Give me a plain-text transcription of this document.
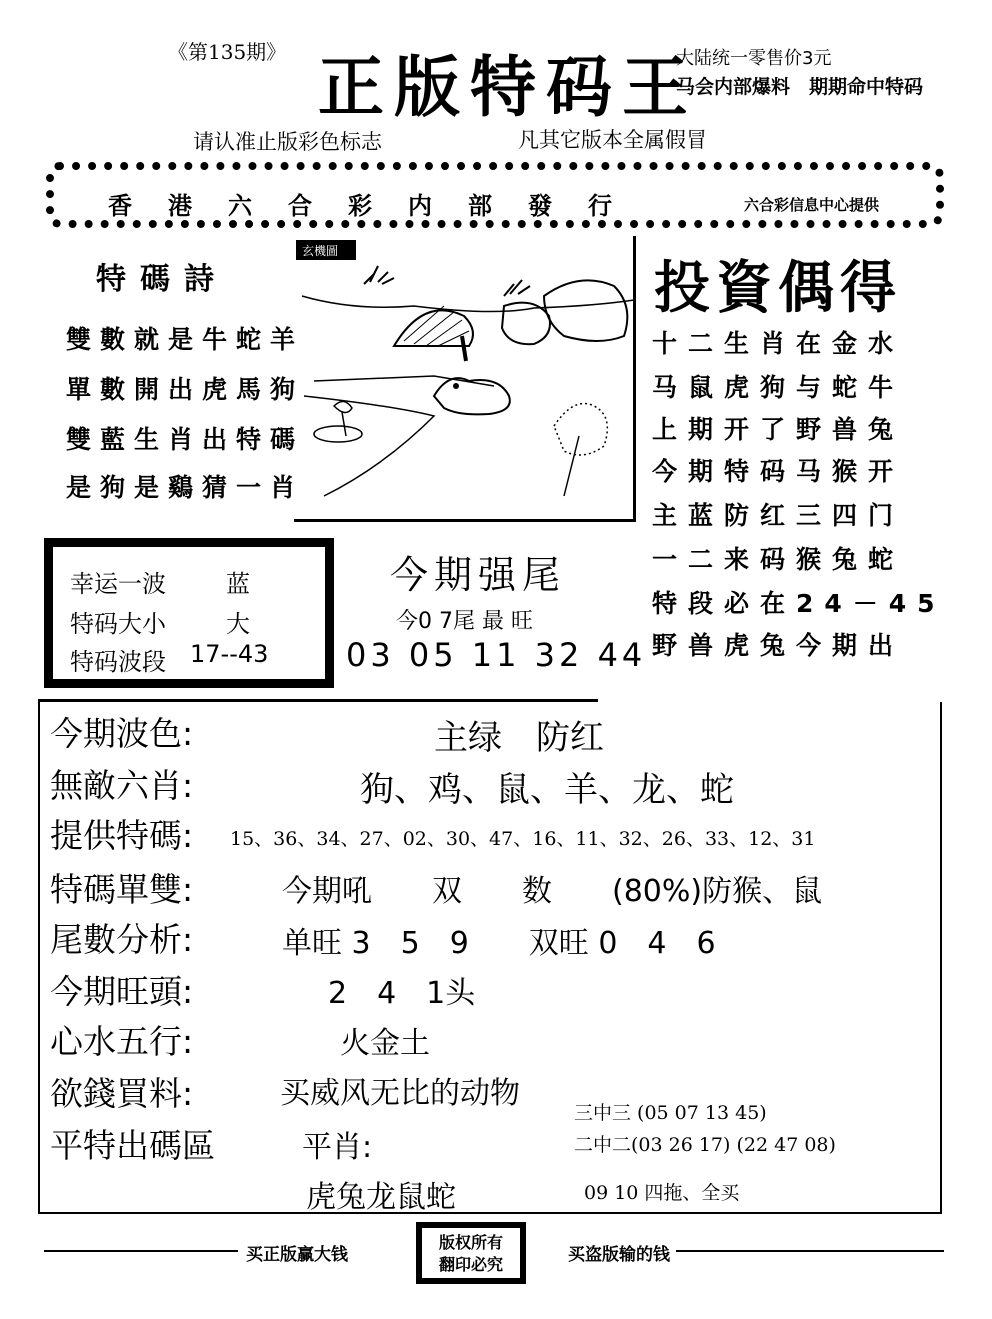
《第135期》 正版特码王
大陆统一零售价3元
马会内部爆料　期期命中特码
请认准止版彩色标志	凡其它版本全属假冒
香港六合彩内部發行	六合彩信息中心提供
特碼詩
雙數就是牛蛇羊
單數開出虎馬狗
雙藍生肖出特碼
是狗是鷄猜一肖
玄機圖
投資偶得
十二生肖在金水
马鼠虎狗与蛇牛
上期开了野兽兔
今期特码马猴开
主蓝防红三四门
一二来码猴兔蛇
特段必在24－45
野兽虎兔今期出
幸运一波	蓝
特码大小	大
特码波段 17--43
今期强尾
今0 7尾 最 旺
03 05 11 32 44
今期波色:	主绿　防红
無敵六肖:	狗、鸡、鼠、羊、龙、蛇
提供特碼: 15、36、34、27、02、30、47、16、11、32、26、33、12、31
特碼單雙:	今期吼　　双　　数　　(80%)防猴、鼠
尾數分析:	单旺 3　5　9　　双旺 0　4　6
今期旺頭:	2　4　1头
心水五行:	火金土
欲錢買料:	买威风无比的动物
平特出碼區	平肖:
虎兔龙鼠蛇
三中三 (05 07 13 45)
二中二(03 26 17) (22 47 08)
09 10 四拖、全买
买正版赢大钱	买盗版输的钱
版权所有
翻印必究
